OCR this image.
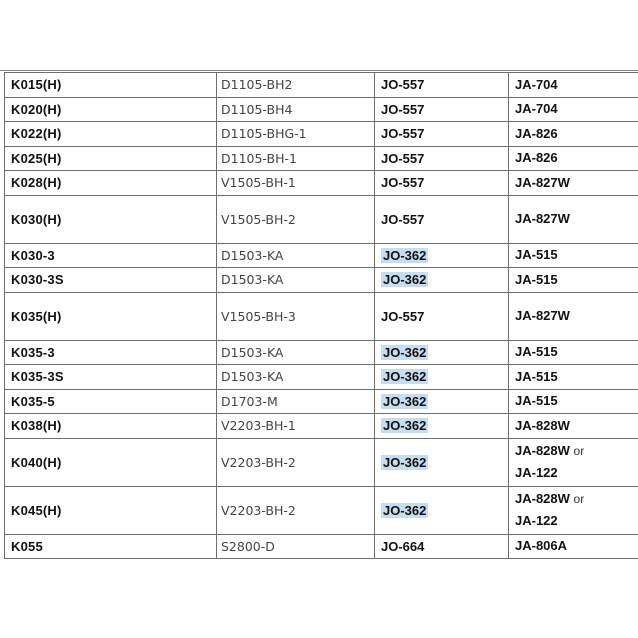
K015(H)	D1105-BH2	JO-557	JA-704
K020(H)	D1105-BH4	JO-557	JA-704
K022(H)	D1105-BHG-1	JO-557	JA-826
K025(H)	D1105-BH-1	JO-557	JA-826
K028(H)	V1505-BH-1	JO-557	JA-827W
K030(H)	V1505-BH-2	JO-557	JA-827W
K030-3	D1503-KA	JO-362	JA-515
K030-3S	D1503-KA	JO-362	JA-515
K035(H)	V1505-BH-3	JO-557	JA-827W
K035-3	D1503-KA	JO-362	JA-515
K035-3S	D1503-KA	JO-362	JA-515
K035-5	D1703-M	JO-362	JA-515
K038(H)	V2203-BH-1	JO-362	JA-828W
K040(H)	V2203-BH-2	JO-362	JA-828W or
JA-122
K045(H)	V2203-BH-2	JO-362	JA-828W or
JA-122
K055	S2800-D	JO-664	JA-806A
